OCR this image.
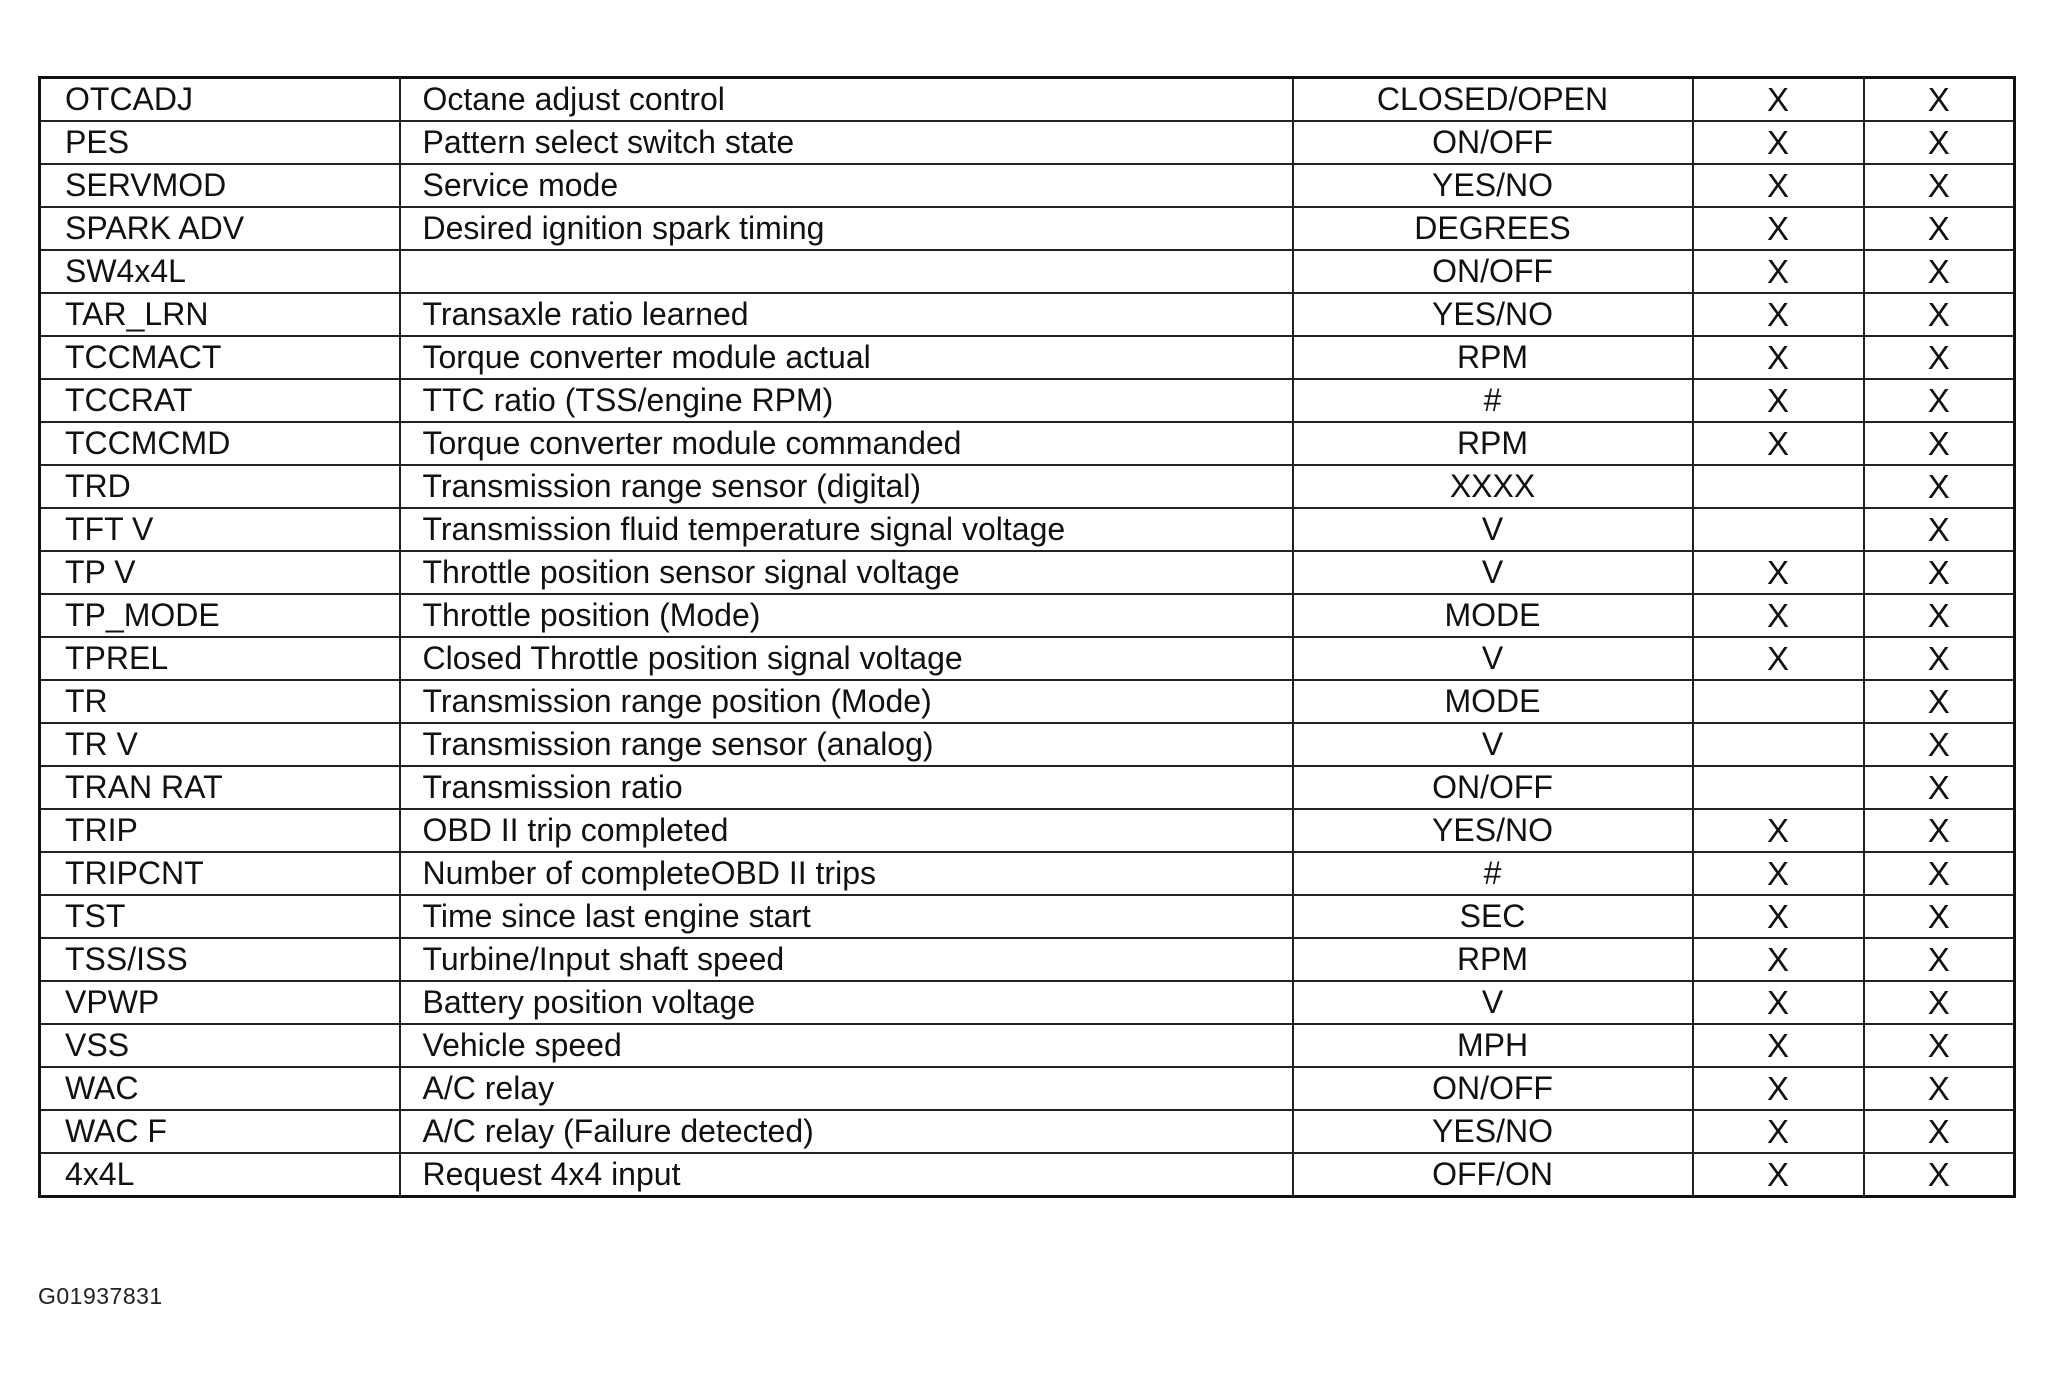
OTCADJ	Octane adjust control	CLOSED/OPEN	X	X
PES	Pattern select switch state	ON/OFF	X	X
SERVMOD	Service mode	YES/NO	X	X
SPARK ADV	Desired ignition spark timing	DEGREES	X	X
SW4x4L		ON/OFF	X	X
TAR_LRN	Transaxle ratio learned	YES/NO	X	X
TCCMACT	Torque converter module actual	RPM	X	X
TCCRAT	TTC ratio (TSS/engine RPM)	#	X	X
TCCMCMD	Torque converter module commanded	RPM	X	X
TRD	Transmission range sensor (digital)	XXXX		X
TFT V	Transmission fluid temperature signal voltage	V		X
TP V	Throttle position sensor signal voltage	V	X	X
TP_MODE	Throttle position (Mode)	MODE	X	X
TPREL	Closed Throttle position signal voltage	V	X	X
TR	Transmission range position (Mode)	MODE		X
TR V	Transmission range sensor (analog)	V		X
TRAN RAT	Transmission ratio	ON/OFF		X
TRIP	OBD II trip completed	YES/NO	X	X
TRIPCNT	Number of completeOBD II trips	#	X	X
TST	Time since last engine start	SEC	X	X
TSS/ISS	Turbine/Input shaft speed	RPM	X	X
VPWP	Battery position voltage	V	X	X
VSS	Vehicle speed	MPH	X	X
WAC	A/C relay	ON/OFF	X	X
WAC F	A/C relay (Failure detected)	YES/NO	X	X
4x4L	Request 4x4 input	OFF/ON	X	X
G01937831
